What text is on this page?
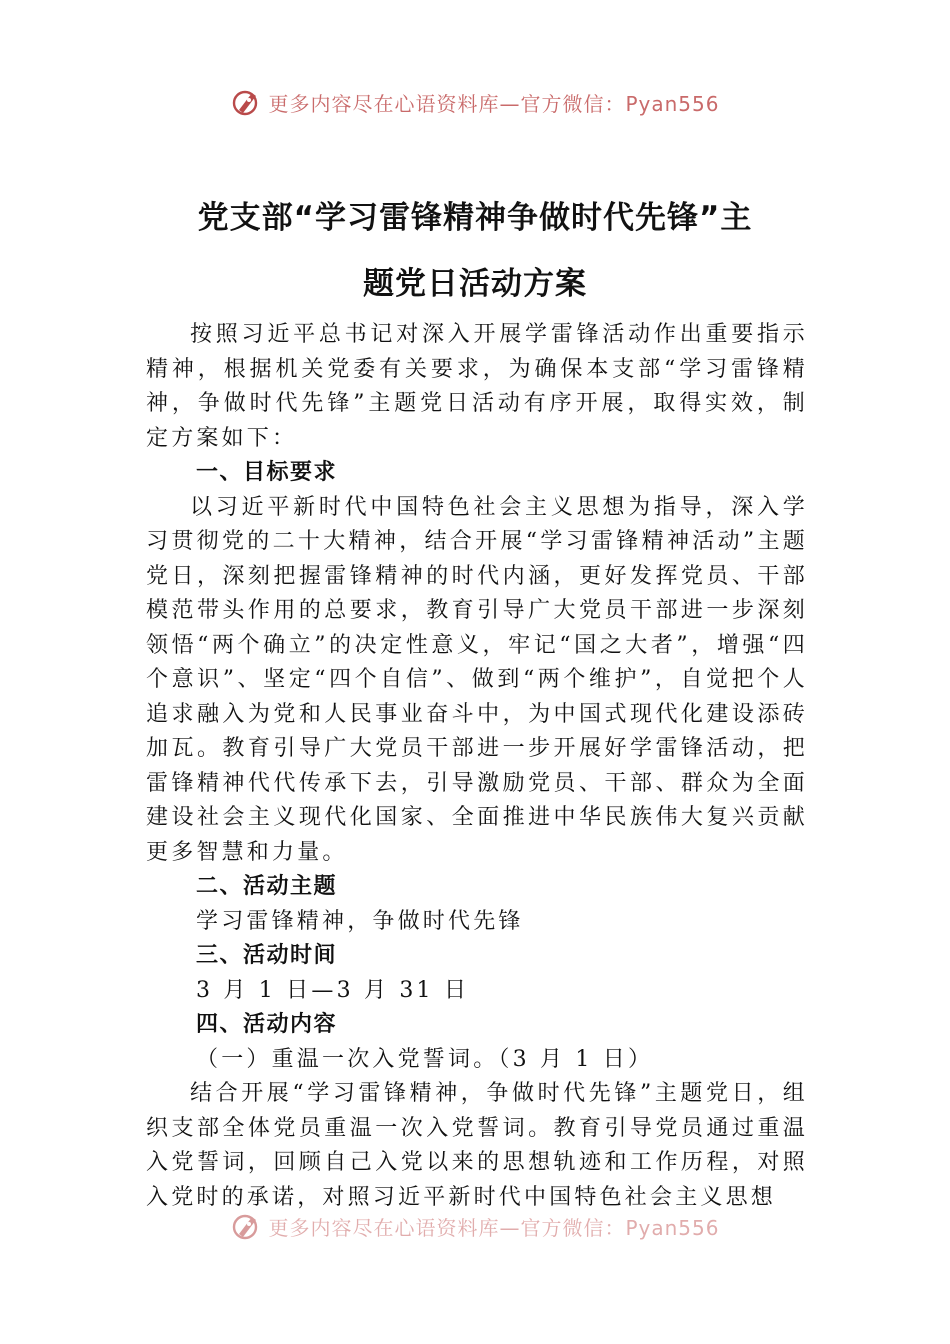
更多内容尽在心语资料库—官方微信：Pyan556
党支部“学习雷锋精神争做时代先锋”主
题党日活动方案

按照习近平总书记对深入开展学雷锋活动作出重要指示精神，根据机关党委有关要求，为确保本支部“学习雷锋精神，争做时代先锋”主题党日活动有序开展，取得实效，制定方案如下：

一、目标要求

以习近平新时代中国特色社会主义思想为指导，深入学习贯彻党的二十大精神，结合开展“学习雷锋精神活动”主题党日，深刻把握雷锋精神的时代内涵，更好发挥党员、干部模范带头作用的总要求，教育引导广大党员干部进一步深刻领悟“两个确立”的决定性意义，牢记“国之大者”，增强“四个意识”、坚定“四个自信”、做到“两个维护”，自觉把个人追求融入为党和人民事业奋斗中，为中国式现代化建设添砖加瓦。教育引导广大党员干部进一步开展好学雷锋活动，把雷锋精神代代传承下去，引导激励党员、干部、群众为全面建设社会主义现代化国家、全面推进中华民族伟大复兴贡献更多智慧和力量。

二、活动主题

学习雷锋精神，争做时代先锋

三、活动时间

3 月 1 日—3 月 31 日

四、活动内容

（一）重温一次入党誓词。（3 月 1 日）

结合开展“学习雷锋精神，争做时代先锋”主题党日，组织支部全体党员重温一次入党誓词。教育引导党员通过重温入党誓词，回顾自己入党以来的思想轨迹和工作历程，对照入党时的承诺，对照习近平新时代中国特色社会主义思想

更多内容尽在心语资料库—官方微信：Pyan556
